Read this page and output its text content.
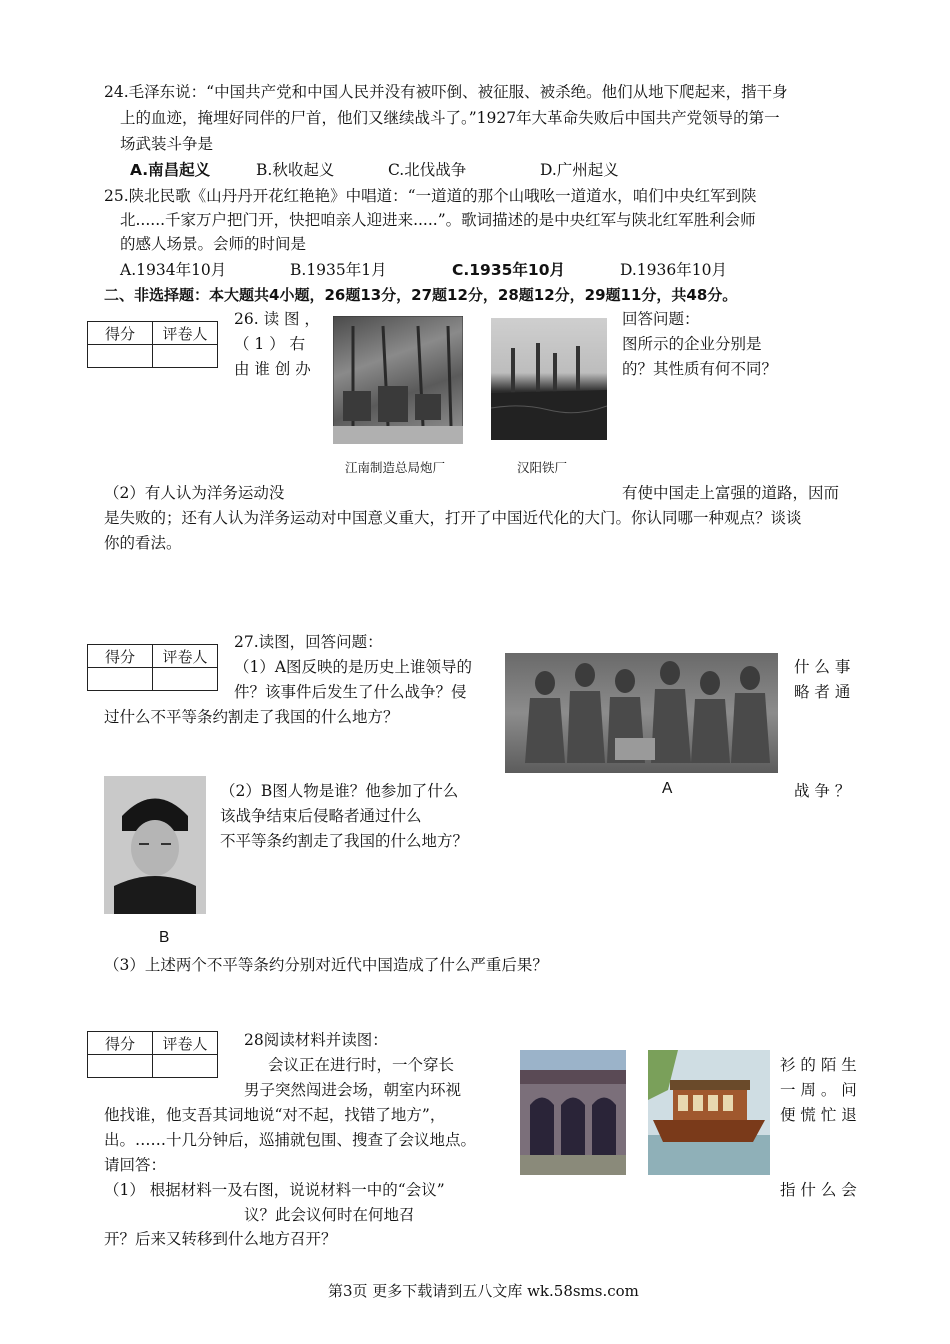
24.毛泽东说：“中国共产党和中国人民并没有被吓倒、被征服、被杀绝。他们从地下爬起来，揩干身
上的血迹，掩埋好同伴的尸首，他们又继续战斗了。”1927年大革命失败后中国共产党领导的第一
场武装斗争是
A.南昌起义	B.秋收起义	C.北伐战争	D.广州起义
25.陕北民歌《山丹丹开花红艳艳》中唱道：“一道道的那个山哦吆一道道水，咱们中央红军到陕
北......千家万户把门开，快把咱亲人迎进来.....”。歌词描述的是中央红军与陕北红军胜利会师
的感人场景。会师的时间是
A.1934年10月	B.1935年1月	C.1935年10月	D.1936年10月
二、非选择题：本大题共4小题，26题13分，27题12分，28题12分，29题11分，共48分。
得分	评卷人

26. 读 图 ，	回答问题：
（ 1 ） 右	图所示的企业分别是
由 谁 创 办	的？其性质有何不同？
江南制造总局炮厂	汉阳铁厂
（2）有人认为洋务运动没	有使中国走上富强的道路，因而
是失败的；还有人认为洋务运动对中国意义重大，打开了中国近代化的大门。你认同哪一种观点？谈谈
你的看法。
得分	评卷人

27.读图，回答问题：
（1）A图反映的是历史上谁领导的	什 么 事
件？该事件后发生了什么战争？侵	略 者 通
过什么不平等条约割走了我国的什么地方？
A
B
（2）B图人物是谁？他参加了什么	战 争 ？
该战争结束后侵略者通过什么
不平等条约割走了我国的什么地方？
（3）上述两个不平等条约分别对近代中国造成了什么严重后果？
得分	评卷人
	28阅读材料并读图：
会议正在进行时，一个穿长	衫 的 陌 生
男子突然闯进会场，朝室内环视	一 周 。 问
他找谁，他支吾其词地说“对不起，找错了地方”，	便 慌 忙 退
出。……十几分钟后，巡捕就包围、搜查了会议地点。
请回答：
（1） 根据材料一及右图，说说材料一中的“会议”	指 什 么 会
议？此会议何时在何地召
开？后来又转移到什么地方召开？
第3页 更多下载请到五八文库 wk.58sms.com
